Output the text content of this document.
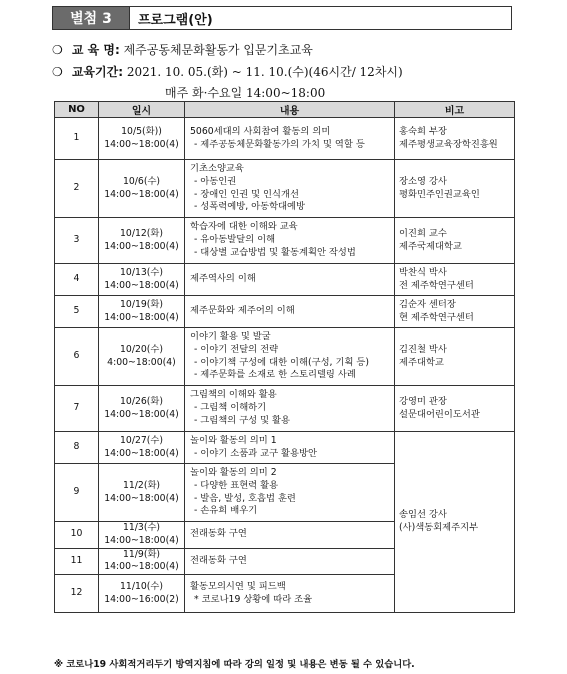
별첨 3	프로그램(안)
❍ 교 육 명: 제주공동체문화활동가 입문기초교육
❍ 교육기간: 2021. 10. 05.(화) ~ 11. 10.(수)(46시간/ 12차시)
매주 화·수요일 14:00~18:00
NO	일시	내용	비고
1	10/5(화))
14:00~18:00(4)	5060세대의 사회참여 활동의 의미
- 제주공동체문화활동가의 가치 및 역할 등	홍숙희 부장
제주평생교육장학진흥원

2	10/6(수)
14:00~18:00(4)	기초소양교육
- 아동인권
- 장애인 인권 및 인식개선
- 성폭력예방, 아동학대예방	장소영 강사
평화민주인권교육인

3	10/12(화)
14:00~18:00(4)	학습자에 대한 이해와 교육
- 유아동발달의 이해
- 대상별 교습방법 및 활동계획안 작성법	이진희 교수
제주국제대학교

4	10/13(수)
14:00~18:00(4)	제주역사의 이해	박찬식 박사
전 제주학연구센터

5	10/19(화)
14:00~18:00(4)	제주문화와 제주어의 이해	김순자 센터장
현 제주학연구센터

6	10/20(수)
4:00~18:00(4)	이야기 활용 및 발굴
- 이야기 전달의 전략
- 이야기책 구성에 대한 이해(구성, 기획 등)
- 제주문화를 소재로 한 스토리텔링 사례	김진철 박사
제주대학교

7	10/26(화)
14:00~18:00(4)	그림책의 이해와 활용
- 그림책 이해하기
- 그림책의 구성 및 활용	강영미 관장
설문대어린이도서관

8	10/27(수)
14:00~18:00(4)	놀이와 활동의 의미 1
- 이야기 소품과 교구 활용방안	송임선 강사
(사)색동회제주지부

9	11/2(화)
14:00~18:00(4)	놀이와 활동의 의미 2
- 다양한 표현력 활용
- 발음, 발성, 호흡법 훈련
- 손유희 배우기	

10	11/3(수)
14:00~18:00(4)	전래동화 구연	

11	11/9(화)
14:00~18:00(4)	전래동화 구연	

12	11/10(수)
14:00~16:00(2)	활동모의시연 및 피드백
* 코로나19 상황에 따라 조율	
※ 코로나19 사회적거리두기 방역지침에 따라 강의 일정 및 내용은 변동 될 수 있습니다.
